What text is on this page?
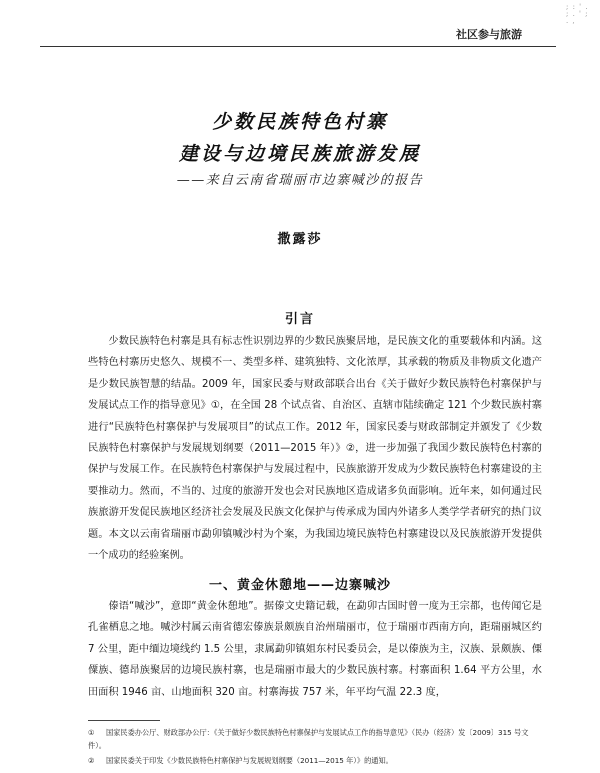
; : ' . ; . ' ; . ,
社区参与旅游
少数民族特色村寨
建设与边境民族旅游发展
——来自云南省瑞丽市边寨喊沙的报告
撒露莎
引言

少数民族特色村寨是具有标志性识别边界的少数民族聚居地，是民族文化的重要载体和内涵。这些特色村寨历史悠久、规模不一、类型多样、建筑独特、文化浓厚，其承载的物质及非物质文化遗产是少数民族智慧的结晶。2009 年，国家民委与财政部联合出台《关于做好少数民族特色村寨保护与发展试点工作的指导意见》①，在全国 28 个试点省、自治区、直辖市陆续确定 121 个少数民族村寨进行“民族特色村寨保护与发展项目”的试点工作。2012 年，国家民委与财政部制定并颁发了《少数民族特色村寨保护与发展规划纲要（2011—2015 年）》②，进一步加强了我国少数民族特色村寨的保护与发展工作。在民族特色村寨保护与发展过程中，民族旅游开发成为少数民族特色村寨建设的主要推动力。然而，不当的、过度的旅游开发也会对民族地区造成诸多负面影响。近年来，如何通过民族旅游开发促民族地区经济社会发展及民族文化保护与传承成为国内外诸多人类学学者研究的热门议题。本文以云南省瑞丽市勐卯镇喊沙村为个案，为我国边境民族特色村寨建设以及民族旅游开发提供一个成功的经验案例。

一、黄金休憩地——边寨喊沙

傣语“喊沙”，意即“黄金休憩地”。据傣文史籍记载，在勐卯古国时曾一度为王宗都，也传闻它是孔雀栖息之地。喊沙村属云南省德宏傣族景颇族自治州瑞丽市，位于瑞丽市西南方向，距瑞丽城区约 7 公里，距中缅边境线约 1.5 公里，隶属勐卯镇姐东村民委员会，是以傣族为主，汉族、景颇族、傈僳族、德昂族聚居的边境民族村寨，也是瑞丽市最大的少数民族村寨。村寨面积 1.64 平方公里，水田面积 1946 亩、山地面积 320 亩。村寨海拔 757 米，年平均气温 22.3 度，

① 国家民委办公厅、财政部办公厅：《关于做好少数民族特色村寨保护与发展试点工作的指导意见》（民办（经济）发〔2009〕315 号文件）。
② 国家民委关于印发《少数民族特色村寨保护与发展规划纲要（2011—2015 年）》的通知。
